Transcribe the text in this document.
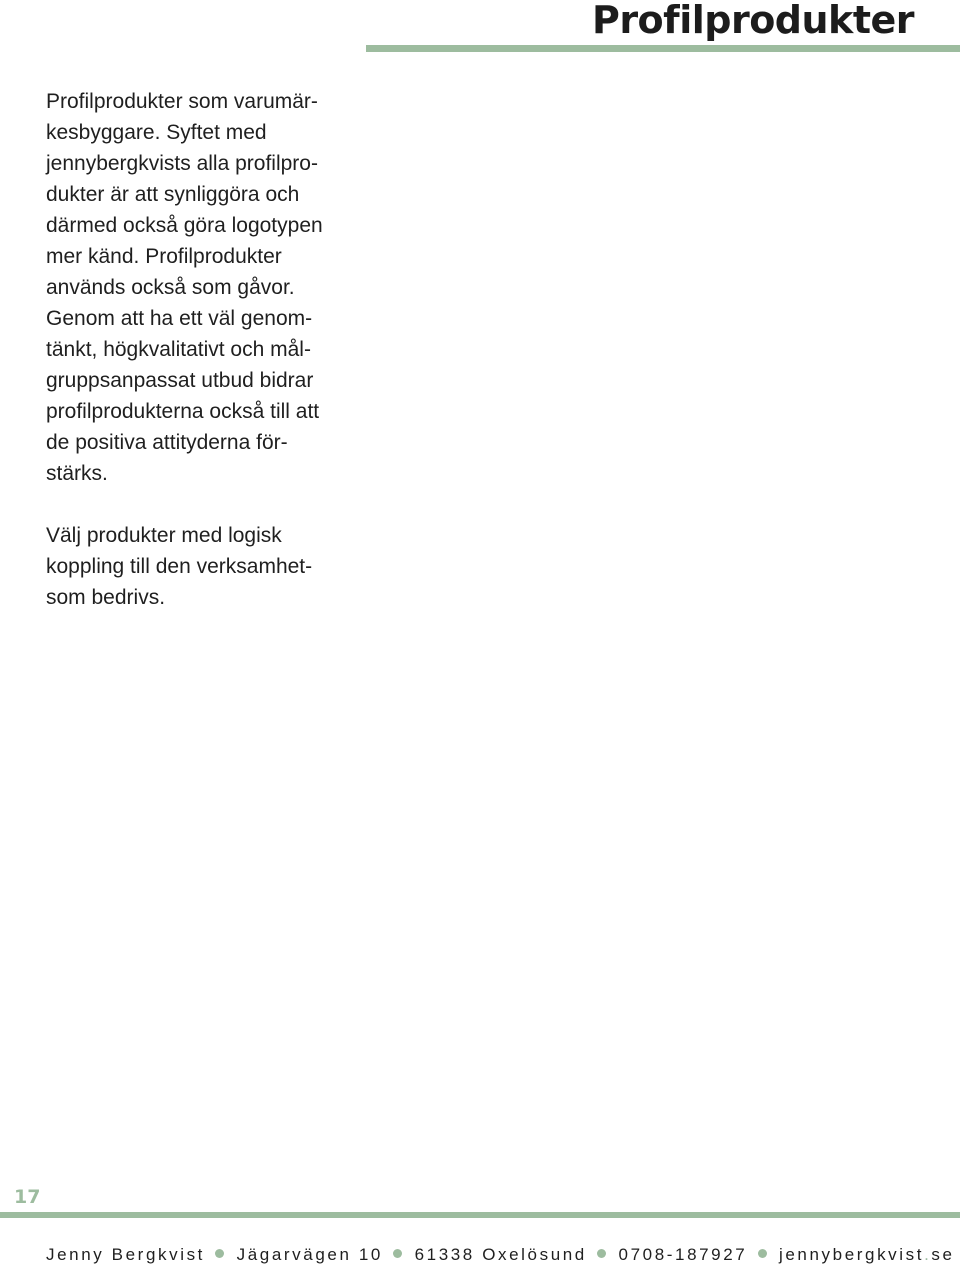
Profilprodukter

Profilprodukter som varumär-
kesbyggare. Syftet med
jennybergkvists alla profilpro-
dukter är att synliggöra och
därmed också göra logotypen
mer känd. Profilprodukter
används också som gåvor.
Genom att ha ett väl genom-
tänkt, högkvalitativt och mål-
gruppsanpassat utbud bidrar
profilprodukterna också till att
de positiva attityderna för-
stärks.

Välj produkter med logisk
koppling till den verksamhet-
som bedrivs.

17
Jenny Bergkvist Jägarvägen 10 61338 Oxelösund 0708-187927 jennybergkvist.se
